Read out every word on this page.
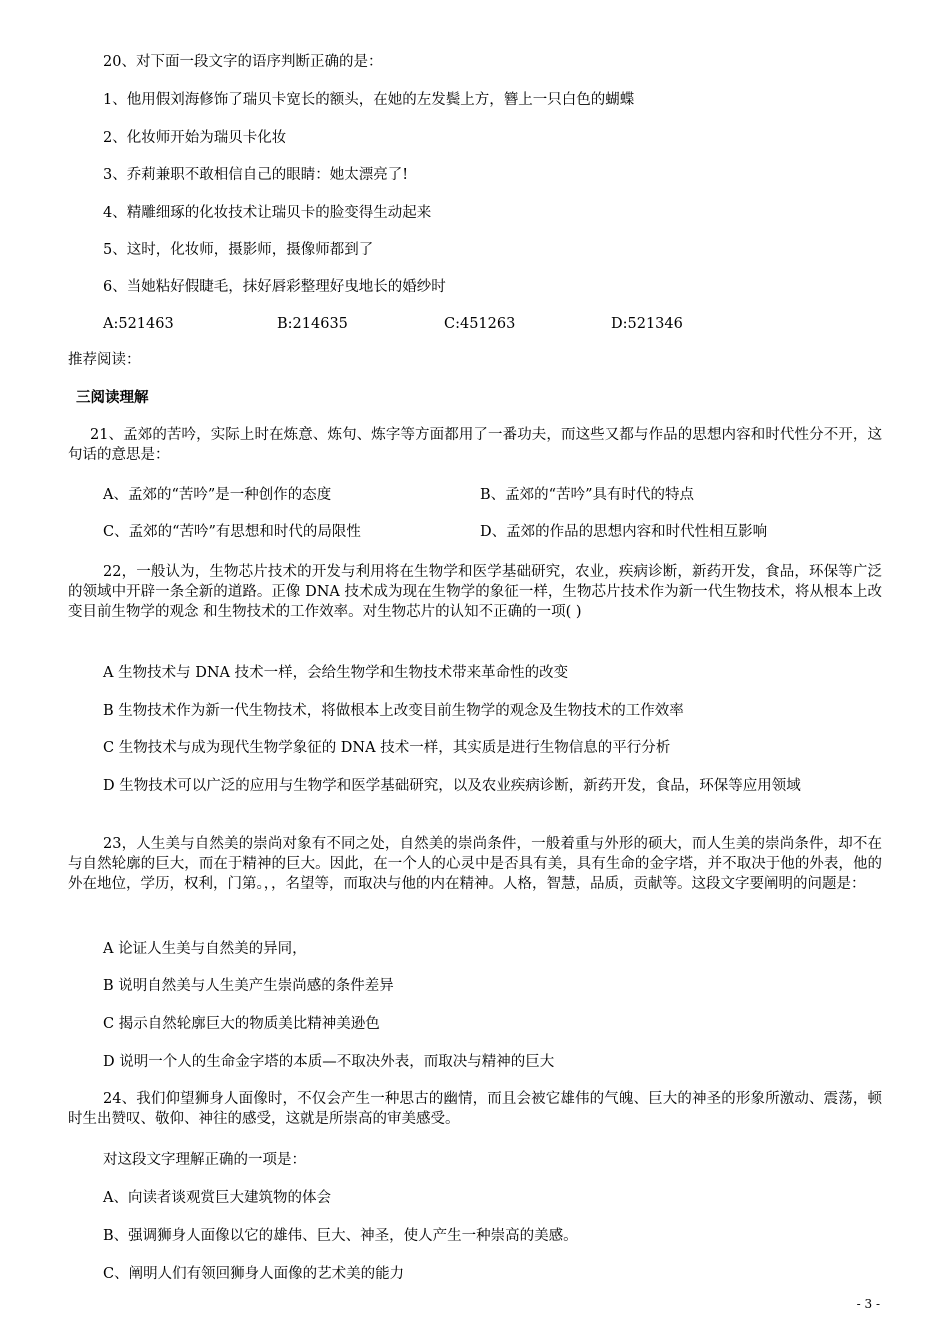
20、对下面一段文字的语序判断正确的是：
1、他用假刘海修饰了瑞贝卡宽长的额头，在她的左发鬓上方，簪上一只白色的蝴蝶
2、化妆师开始为瑞贝卡化妆
3、乔莉兼职不敢相信自己的眼睛：她太漂亮了!
4、精雕细琢的化妆技术让瑞贝卡的脸变得生动起来
5、这时，化妆师，摄影师，摄像师都到了
6、当她粘好假睫毛，抹好唇彩整理好曳地长的婚纱时
A:521463	B:214635	C:451263	D:521346
推荐阅读：
三阅读理解
21、孟郊的苦吟，实际上时在炼意、炼句、炼字等方面都用了一番功夫，而这些又都与作品的思想内容和时代性分不开，这句话的意思是：
A、孟郊的“苦吟”是一种创作的态度	B、孟郊的“苦吟”具有时代的特点
C、孟郊的“苦吟”有思想和时代的局限性	D、孟郊的作品的思想内容和时代性相互影响
22，一般认为，生物芯片技术的开发与利用将在生物学和医学基础研究，农业，疾病诊断，新药开发，食品，环保等广泛的领域中开辟一条全新的道路。正像 DNA 技术成为现在生物学的象征一样，生物芯片技术作为新一代生物技术，将从根本上改变目前生物学的观念 和生物技术的工作效率。对生物芯片的认知不正确的一项( )
A 生物技术与 DNA 技术一样，会给生物学和生物技术带来革命性的改变
B 生物技术作为新一代生物技术，将做根本上改变目前生物学的观念及生物技术的工作效率
C 生物技术与成为现代生物学象征的 DNA 技术一样，其实质是进行生物信息的平行分析
D 生物技术可以广泛的应用与生物学和医学基础研究，以及农业疾病诊断，新药开发，食品，环保等应用领域
23，人生美与自然美的崇尚对象有不同之处，自然美的崇尚条件，一般着重与外形的硕大，而人生美的崇尚条件，却不在与自然轮廓的巨大，而在于精神的巨大。因此，在一个人的心灵中是否具有美，具有生命的金字塔，并不取决于他的外表，他的外在地位，学历，权利，门第。，，名望等，而取决与他的内在精神。人格，智慧，品质，贡献等。这段文字要阐明的问题是：
A 论证人生美与自然美的异同，
B 说明自然美与人生美产生崇尚感的条件差异
C 揭示自然轮廓巨大的物质美比精神美逊色
D 说明一个人的生命金字塔的本质—不取决外表，而取决与精神的巨大
24、我们仰望狮身人面像时，不仅会产生一种思古的幽情，而且会被它雄伟的气魄、巨大的神圣的形象所激动、震荡，顿时生出赞叹、敬仰、神往的感受，这就是所崇高的审美感受。
对这段文字理解正确的一项是：
A、向读者谈观赏巨大建筑物的体会
B、强调狮身人面像以它的雄伟、巨大、神圣，使人产生一种崇高的美感。
C、阐明人们有领回狮身人面像的艺术美的能力
- 3 -
